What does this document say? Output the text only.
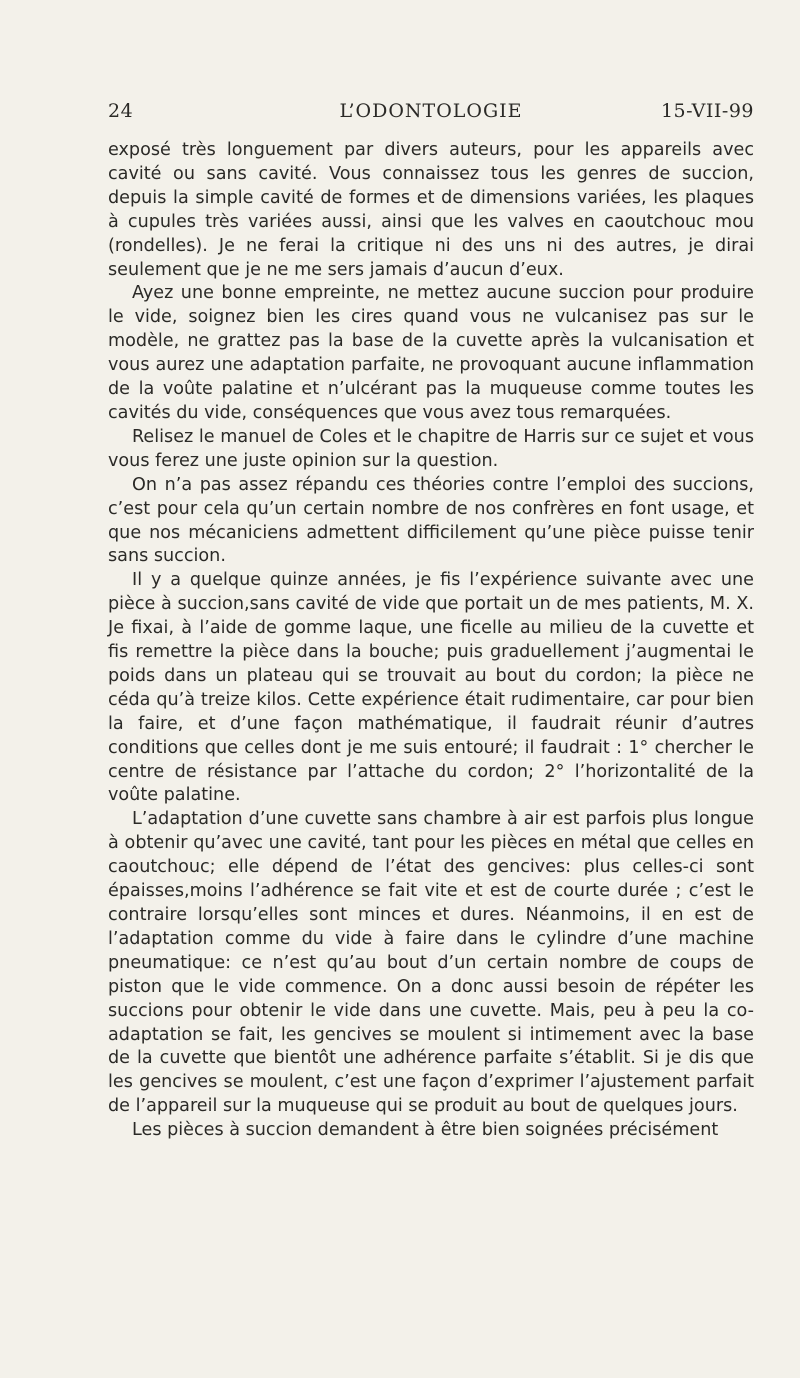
24	L’ODONTOLOGIE	15-VII-99

exposé très longuement par divers auteurs, pour les appareils avec cavité ou sans cavité. Vous connaissez tous les genres de succion, depuis la simple cavité de formes et de dimensions variées, les plaques à cupules très variées aussi, ainsi que les valves en caoutchouc mou (rondelles). Je ne ferai la critique ni des uns ni des autres, je dirai seulement que je ne me sers jamais d’aucun d’eux.

Ayez une bonne empreinte, ne mettez aucune succion pour produire le vide, soignez bien les cires quand vous ne vulcanisez pas sur le modèle, ne grattez pas la base de la cuvette après la vulcanisation et vous aurez une adaptation parfaite, ne provoquant aucune inflammation de la voûte palatine et n’ulcérant pas la muqueuse comme toutes les cavités du vide, conséquences que vous avez tous remarquées.

Relisez le manuel de Coles et le chapitre de Harris sur ce sujet et vous vous ferez une juste opinion sur la question.

On n’a pas assez répandu ces théories contre l’emploi des succions, c’est pour cela qu’un certain nombre de nos confrères en font usage, et que nos mécaniciens admettent difficilement qu’une pièce puisse tenir sans succion.

Il y a quelque quinze années, je fis l’expérience suivante avec une pièce à succion,sans cavité de vide que portait un de mes patients, M. X. Je fixai, à l’aide de gomme laque, une ficelle au milieu de la cuvette et fis remettre la pièce dans la bouche; puis graduellement j’augmentai le poids dans un plateau qui se trouvait au bout du cordon; la pièce ne céda qu’à treize kilos. Cette expérience était rudimentaire, car pour bien la faire, et d’une façon mathématique, il faudrait réunir d’autres conditions que celles dont je me suis entouré; il faudrait : 1° chercher le centre de résistance par l’attache du cordon; 2° l’horizontalité de la voûte palatine.

L’adaptation d’une cuvette sans chambre à air est parfois plus longue à obtenir qu’avec une cavité, tant pour les pièces en métal que celles en caoutchouc; elle dépend de l’état des gencives: plus celles-ci sont épaisses,moins l’adhérence se fait vite et est de courte durée ; c’est le contraire lorsqu’elles sont minces et dures. Néanmoins, il en est de l’adaptation comme du vide à faire dans le cylindre d’une machine pneumatique: ce n’est qu’au bout d’un certain nombre de coups de piston que le vide commence. On a donc aussi besoin de répéter les succions pour obtenir le vide dans une cuvette. Mais, peu à peu la co-adaptation se fait, les gencives se moulent si intimement avec la base de la cuvette que bientôt une adhérence parfaite s’établit. Si je dis que les gencives se moulent, c’est une façon d’exprimer l’ajustement parfait de l’appareil sur la muqueuse qui se produit au bout de quelques jours.

Les pièces à succion demandent à être bien soignées précisément
